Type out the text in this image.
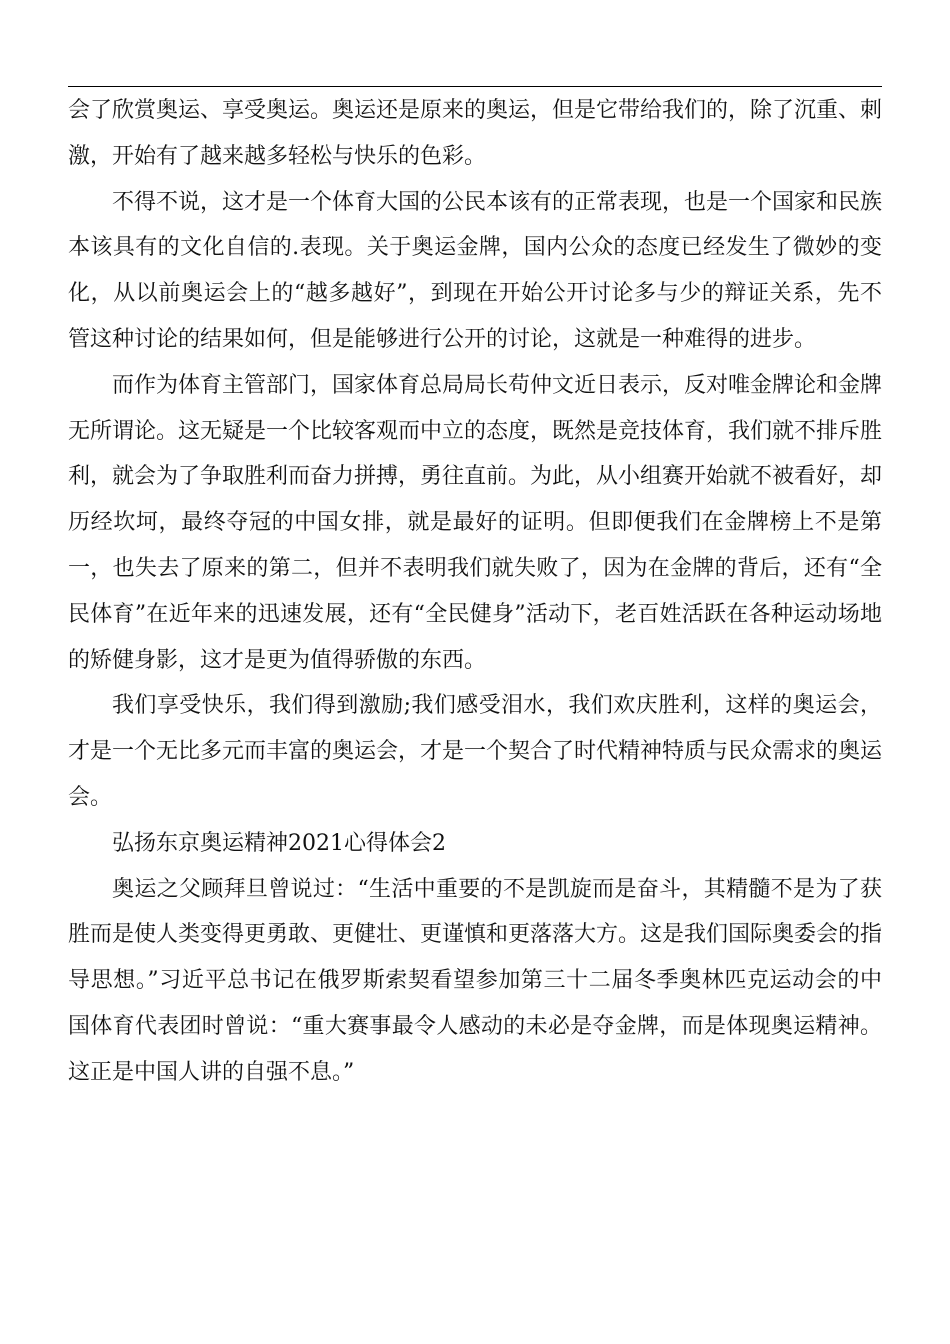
会了欣赏奥运、享受奥运。奥运还是原来的奥运，但是它带给我们的，除了沉重、刺激，开始有了越来越多轻松与快乐的色彩。

不得不说，这才是一个体育大国的公民本该有的正常表现，也是一个国家和民族本该具有的文化自信的.表现。关于奥运金牌，国内公众的态度已经发生了微妙的变化，从以前奥运会上的“越多越好”，到现在开始公开讨论多与少的辩证关系，先不管这种讨论的结果如何，但是能够进行公开的讨论，这就是一种难得的进步。

而作为体育主管部门，国家体育总局局长苟仲文近日表示，反对唯金牌论和金牌无所谓论。这无疑是一个比较客观而中立的态度，既然是竞技体育，我们就不排斥胜利，就会为了争取胜利而奋力拼搏，勇往直前。为此，从小组赛开始就不被看好，却历经坎坷，最终夺冠的中国女排，就是最好的证明。但即便我们在金牌榜上不是第一，也失去了原来的第二，但并不表明我们就失败了，因为在金牌的背后，还有“全民体育”在近年来的迅速发展，还有“全民健身”活动下，老百姓活跃在各种运动场地的矫健身影，这才是更为值得骄傲的东西。

我们享受快乐，我们得到激励;我们感受泪水，我们欢庆胜利，这样的奥运会，才是一个无比多元而丰富的奥运会，才是一个契合了时代精神特质与民众需求的奥运会。

弘扬东京奥运精神2021心得体会2

奥运之父顾拜旦曾说过：“生活中重要的不是凯旋而是奋斗，其精髓不是为了获胜而是使人类变得更勇敢、更健壮、更谨慎和更落落大方。这是我们国际奥委会的指导思想。”习近平总书记在俄罗斯索契看望参加第三十二届冬季奥林匹克运动会的中国体育代表团时曾说：“重大赛事最令人感动的未必是夺金牌，而是体现奥运精神。这正是中国人讲的自强不息。”
